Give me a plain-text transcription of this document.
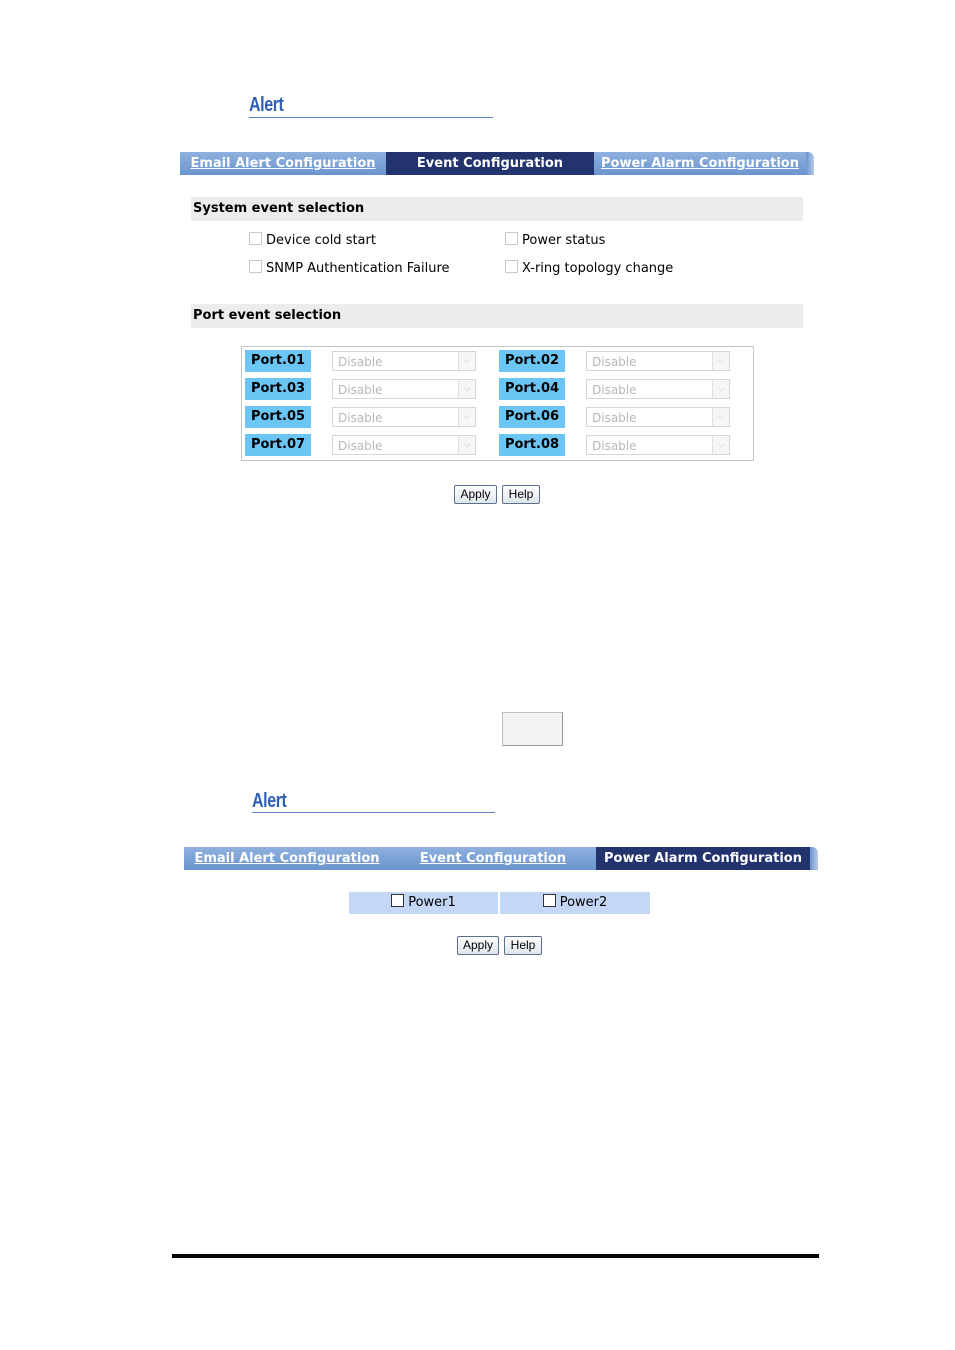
Alert
Email Alert Configuration	Event Configuration	Power Alarm Configuration
System event selection
Device cold start	Power status
SNMP Authentication Failure	X-ring topology change
Port event selection
Port.01	Disable	⌵	Port.02	Disable	⌵
Port.03	Disable	⌵	Port.04	Disable	⌵
Port.05	Disable	⌵	Port.06	Disable	⌵
Port.07	Disable	⌵	Port.08	Disable	⌵
Apply	Help
Alert
Email Alert Configuration	Event Configuration	Power Alarm Configuration
Power1	Power2
Apply	Help
